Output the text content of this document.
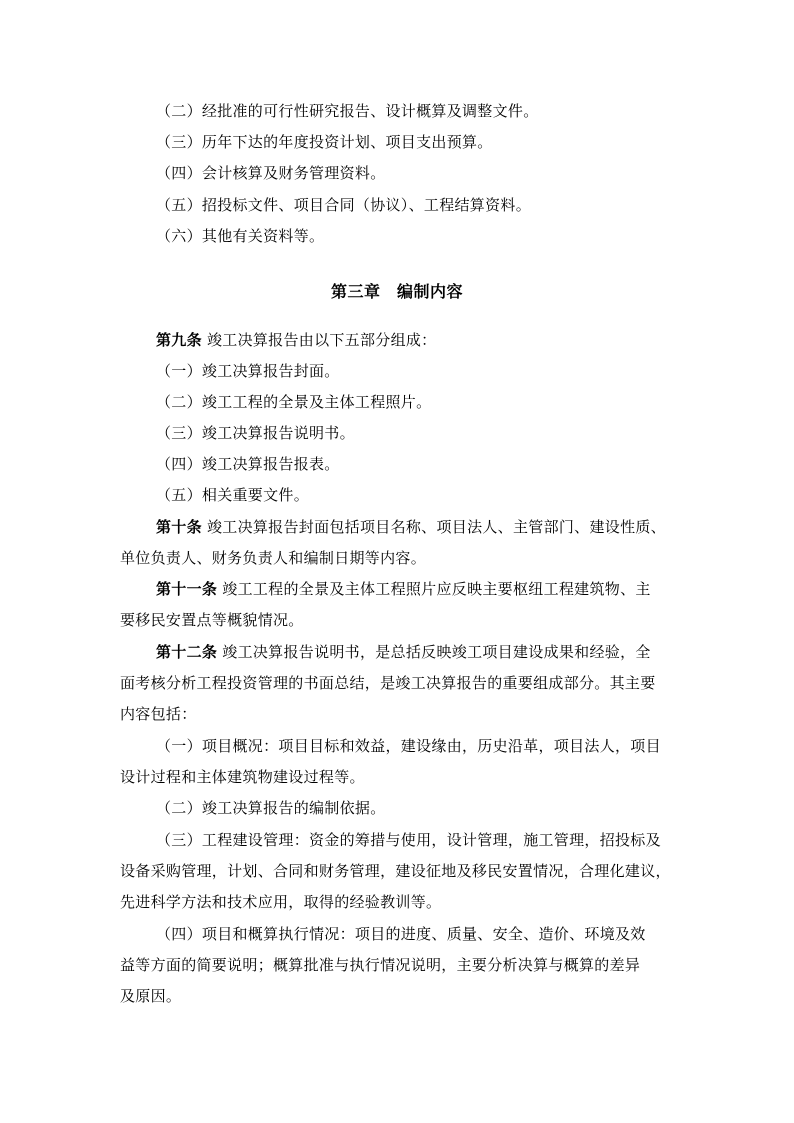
（二）经批准的可行性研究报告、设计概算及调整文件。
（三）历年下达的年度投资计划、项目支出预算。
（四）会计核算及财务管理资料。
（五）招投标文件、项目合同（协议）、工程结算资料。
（六）其他有关资料等。
第三章　编制内容
第九条 竣工决算报告由以下五部分组成：
（一）竣工决算报告封面。
（二）竣工工程的全景及主体工程照片。
（三）竣工决算报告说明书。
（四）竣工决算报告报表。
（五）相关重要文件。
第十条 竣工决算报告封面包括项目名称、项目法人、主管部门、建设性质、
单位负责人、财务负责人和编制日期等内容。
第十一条 竣工工程的全景及主体工程照片应反映主要枢纽工程建筑物、主
要移民安置点等概貌情况。
第十二条 竣工决算报告说明书，是总括反映竣工项目建设成果和经验，全
面考核分析工程投资管理的书面总结，是竣工决算报告的重要组成部分。其主要
内容包括：
（一）项目概况：项目目标和效益，建设缘由，历史沿革，项目法人，项目
设计过程和主体建筑物建设过程等。
（二）竣工决算报告的编制依据。
（三）工程建设管理：资金的筹措与使用，设计管理，施工管理，招投标及
设备采购管理，计划、合同和财务管理，建设征地及移民安置情况，合理化建议，
先进科学方法和技术应用，取得的经验教训等。
（四）项目和概算执行情况：项目的进度、质量、安全、造价、环境及效
益等方面的简要说明；概算批准与执行情况说明，主要分析决算与概算的差异
及原因。
